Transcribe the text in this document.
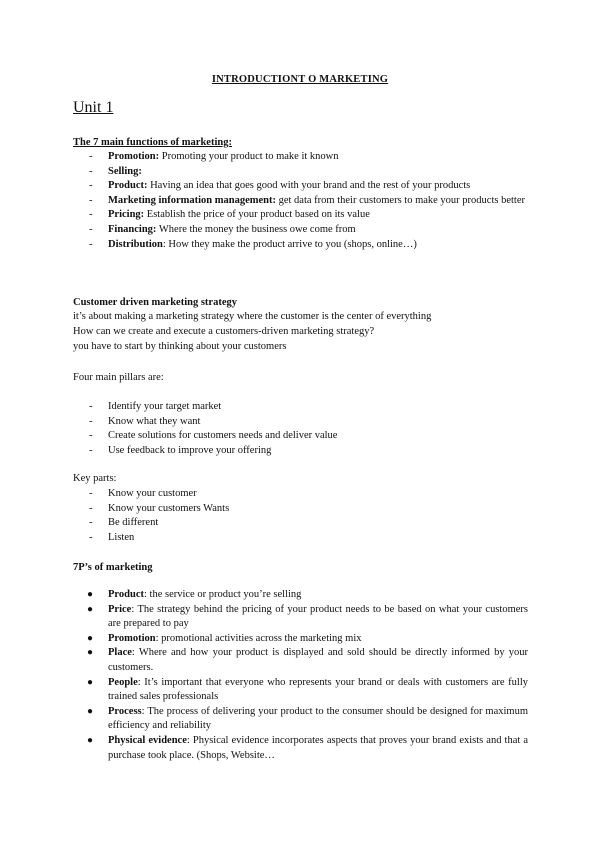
INTRODUCTIONT O MARKETING
Unit 1
The 7 main functions of marketing:
- Promotion: Promoting your product to make it known
- Selling:
- Product: Having an idea that goes good with your brand and the rest of your products
- Marketing information management: get data from their customers to make your products better
- Pricing: Establish the price of your product based on its value
- Financing: Where the money the business owe come from
- Distribution: How they make the product arrive to you (shops, online…)
Customer driven marketing strategy
it’s about making a marketing strategy where the customer is the center of everything
How can we create and execute a customers-driven marketing strategy?
you have to start by thinking about your customers
Four main pillars are:
- Identify your target market
- Know what they want
- Create solutions for customers needs and deliver value
- Use feedback to improve your offering
Key parts:
- Know your customer
- Know your customers Wants
- Be different
- Listen
7P’s of marketing
● Product: the service or product you’re selling
● Price: The strategy behind the pricing of your product needs to be based on what your customers are prepared to pay
● Promotion: promotional activities across the marketing mix
● Place: Where and how your product is displayed and sold should be directly informed by your customers.
● People: It’s important that everyone who represents your brand or deals with customers are fully trained sales professionals
● Process: The process of delivering your product to the consumer should be designed for maximum efficiency and reliability
● Physical evidence: Physical evidence incorporates aspects that proves your brand exists and that a purchase took place. (Shops, Website…
